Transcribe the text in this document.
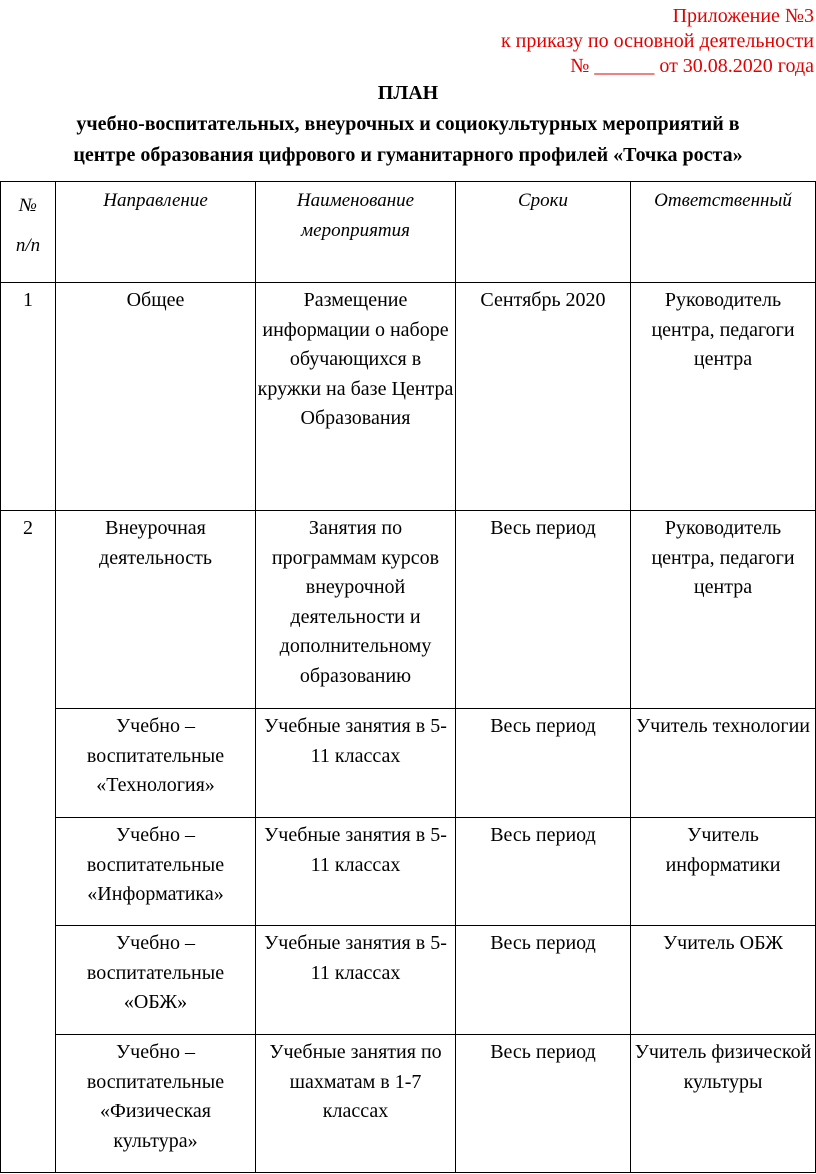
Приложение №3
к приказу по основной деятельности
№ ______ от 30.08.2020 года
ПЛАН
учебно-воспитательных, внеурочных и социокультурных мероприятий в
центре образования цифрового и гуманитарного профилей «Точка роста»
№
п/п	Направление	Наименование мероприятия	Сроки	Ответственный
1	Общее	Размещение информации о наборе обучающихся в кружки на базе Центра Образования	Сентябрь 2020	Руководитель центра, педагоги центра
2	Внеурочная деятельность	Занятия по программам курсов внеурочной деятельности и дополнительному образованию	Весь период	Руководитель центра, педагоги центра
	Учебно – воспитательные «Технология»	Учебные занятия в 5-11 классах	Весь период	Учитель технологии
	Учебно – воспитательные «Информатика»	Учебные занятия в 5-11 классах	Весь период	Учитель информатики
	Учебно – воспитательные «ОБЖ»	Учебные занятия в 5-11 классах	Весь период	Учитель ОБЖ
	Учебно – воспитательные «Физическая культура»	Учебные занятия по шахматам в 1-7 классах	Весь период	Учитель физической культуры
